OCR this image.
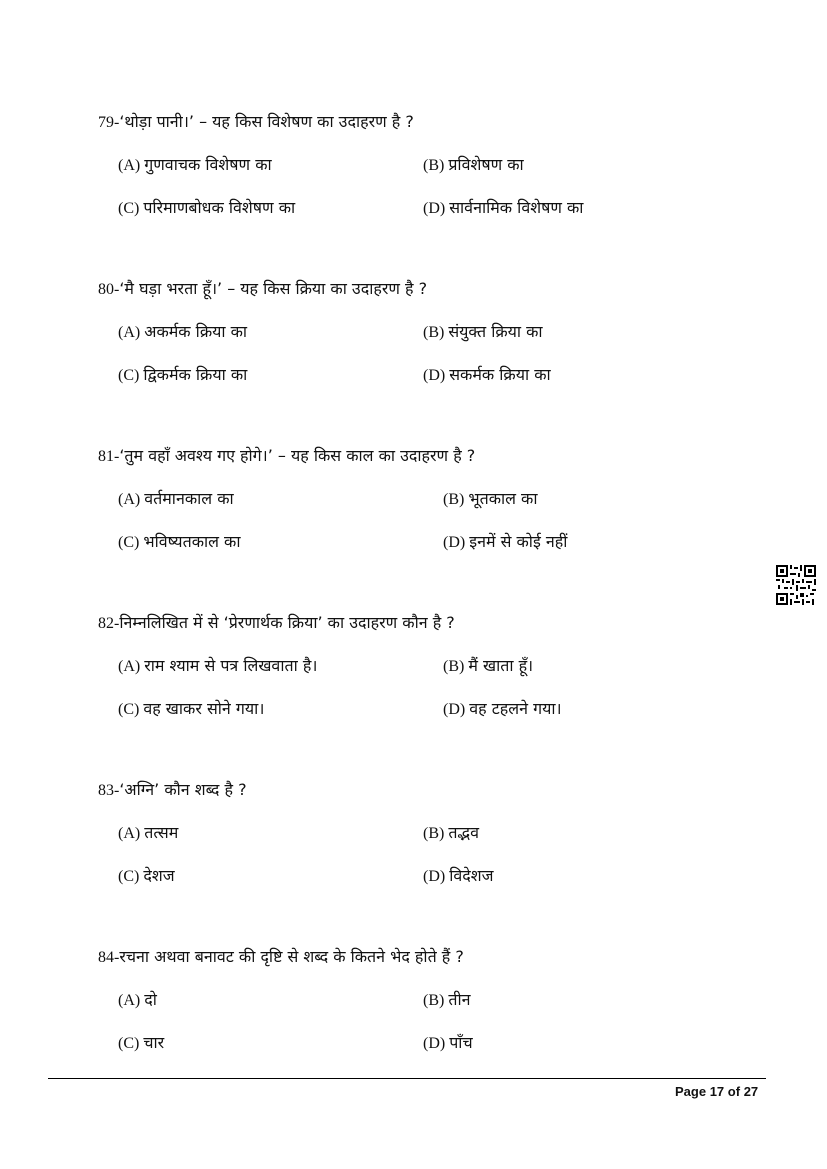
79-‘थोड़ा पानी।’ – यह किस विशेषण का उदाहरण है ?
(A) गुणवाचक विशेषण का	(B) प्रविशेषण का
(C) परिमाणबोधक विशेषण का	(D) सार्वनामिक विशेषण का
80-‘मै घड़ा भरता हूँ।’ – यह किस क्रिया का उदाहरण है ?
(A) अकर्मक क्रिया का	(B) संयुक्त क्रिया का
(C) द्विकर्मक क्रिया का	(D) सकर्मक क्रिया का
81-‘तुम वहाँ अवश्य गए होगे।’ – यह किस काल का उदाहरण है ?
(A) वर्तमानकाल का	(B) भूतकाल का
(C) भविष्यतकाल का	(D) इनमें से कोई नहीं
82-निम्नलिखित में से ‘प्रेरणार्थक क्रिया’ का उदाहरण कौन है ?
(A) राम श्याम से पत्र लिखवाता है।	(B) मैं खाता हूँ।
(C) वह खाकर सोने गया।	(D) वह टहलने गया।
83-‘अग्नि’ कौन शब्द है ?
(A) तत्सम	(B) तद्भव
(C) देशज	(D) विदेशज
84-रचना अथवा बनावट की दृष्टि से शब्द के कितने भेद होते हैं ?
(A) दो	(B) तीन
(C) चार	(D) पाँच
Page 17 of 27
